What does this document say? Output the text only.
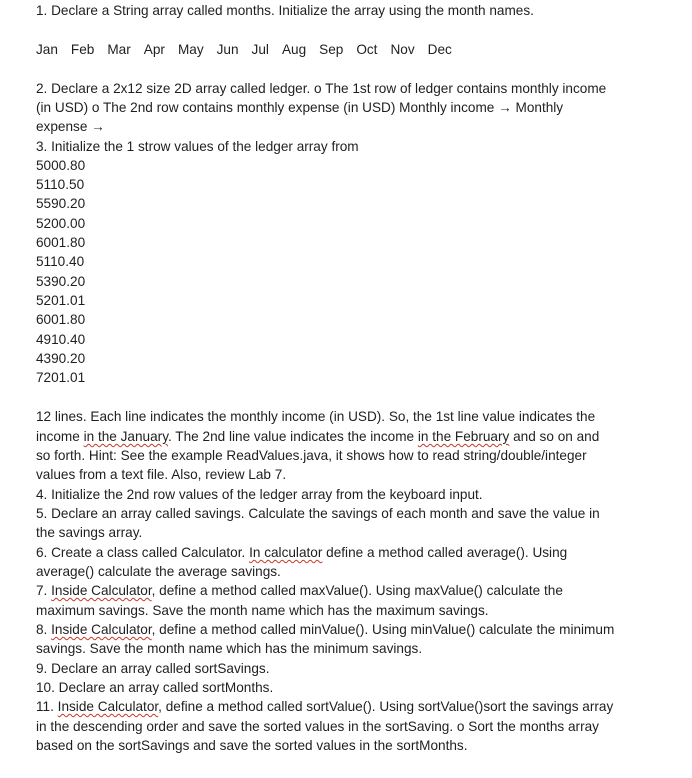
1. Declare a String array called months. Initialize the array using the month names.
Jan Feb Mar Apr May Jun Jul Aug Sep Oct Nov Dec
2. Declare a 2x12 size 2D array called ledger. o The 1st row of ledger contains monthly income
(in USD) o The 2nd row contains monthly expense (in USD) Monthly income → Monthly
expense →
3. Initialize the 1 strow values of the ledger array from
5000.80
5110.50
5590.20
5200.00
6001.80
5110.40
5390.20
5201.01
6001.80
4910.40
4390.20
7201.01
12 lines. Each line indicates the monthly income (in USD). So, the 1st line value indicates the
income in the January. The 2nd line value indicates the income in the February and so on and
so forth. Hint: See the example ReadValues.java, it shows how to read string/double/integer
values from a text file. Also, review Lab 7.
4. Initialize the 2nd row values of the ledger array from the keyboard input.
5. Declare an array called savings. Calculate the savings of each month and save the value in
the savings array.
6. Create a class called Calculator. In calculator define a method called average(). Using
average() calculate the average savings.
7. Inside Calculator, define a method called maxValue(). Using maxValue() calculate the
maximum savings. Save the month name which has the maximum savings.
8. Inside Calculator, define a method called minValue(). Using minValue() calculate the minimum
savings. Save the month name which has the minimum savings.
9. Declare an array called sortSavings.
10. Declare an array called sortMonths.
11. Inside Calculator, define a method called sortValue(). Using sortValue()sort the savings array
in the descending order and save the sorted values in the sortSaving. o Sort the months array
based on the sortSavings and save the sorted values in the sortMonths.
